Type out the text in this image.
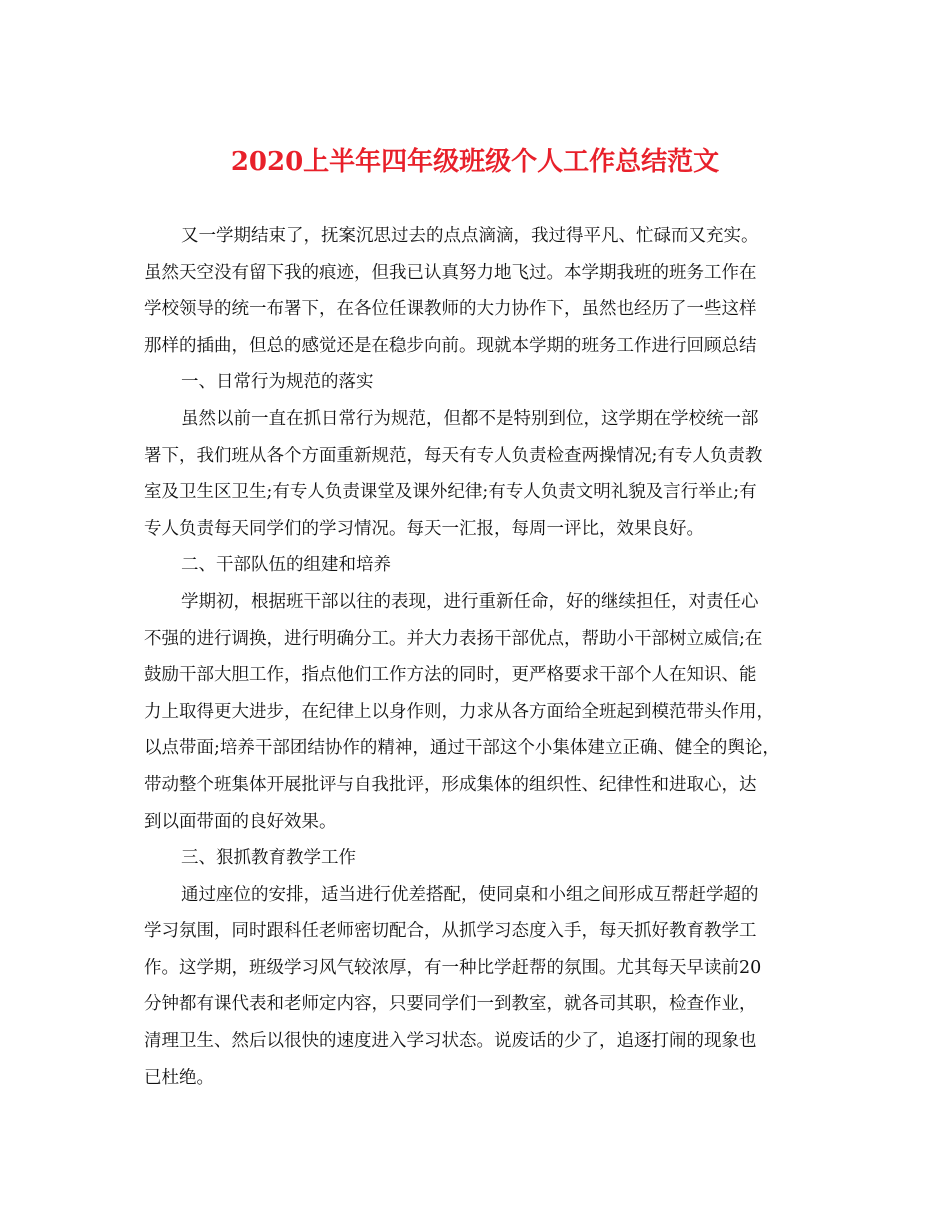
2020上半年四年级班级个人工作总结范文
又一学期结束了，抚案沉思过去的点点滴滴，我过得平凡、忙碌而又充实。
虽然天空没有留下我的痕迹，但我已认真努力地飞过。本学期我班的班务工作在
学校领导的统一布署下，在各位任课教师的大力协作下，虽然也经历了一些这样
那样的插曲，但总的感觉还是在稳步向前。现就本学期的班务工作进行回顾总结
一、日常行为规范的落实
虽然以前一直在抓日常行为规范，但都不是特别到位，这学期在学校统一部
署下，我们班从各个方面重新规范，每天有专人负责检查两操情况;有专人负责教
室及卫生区卫生;有专人负责课堂及课外纪律;有专人负责文明礼貌及言行举止;有
专人负责每天同学们的学习情况。每天一汇报，每周一评比，效果良好。
二、干部队伍的组建和培养
学期初，根据班干部以往的表现，进行重新任命，好的继续担任，对责任心
不强的进行调换，进行明确分工。并大力表扬干部优点，帮助小干部树立威信;在
鼓励干部大胆工作，指点他们工作方法的同时，更严格要求干部个人在知识、能
力上取得更大进步，在纪律上以身作则，力求从各方面给全班起到模范带头作用，
以点带面;培养干部团结协作的精神，通过干部这个小集体建立正确、健全的舆论，
带动整个班集体开展批评与自我批评，形成集体的组织性、纪律性和进取心，达
到以面带面的良好效果。
三、狠抓教育教学工作
通过座位的安排，适当进行优差搭配，使同桌和小组之间形成互帮赶学超的
学习氛围，同时跟科任老师密切配合，从抓学习态度入手，每天抓好教育教学工
作。这学期，班级学习风气较浓厚，有一种比学赶帮的氛围。尤其每天早读前20
分钟都有课代表和老师定内容，只要同学们一到教室，就各司其职，检查作业，
清理卫生、然后以很快的速度进入学习状态。说废话的少了，追逐打闹的现象也
已杜绝。
